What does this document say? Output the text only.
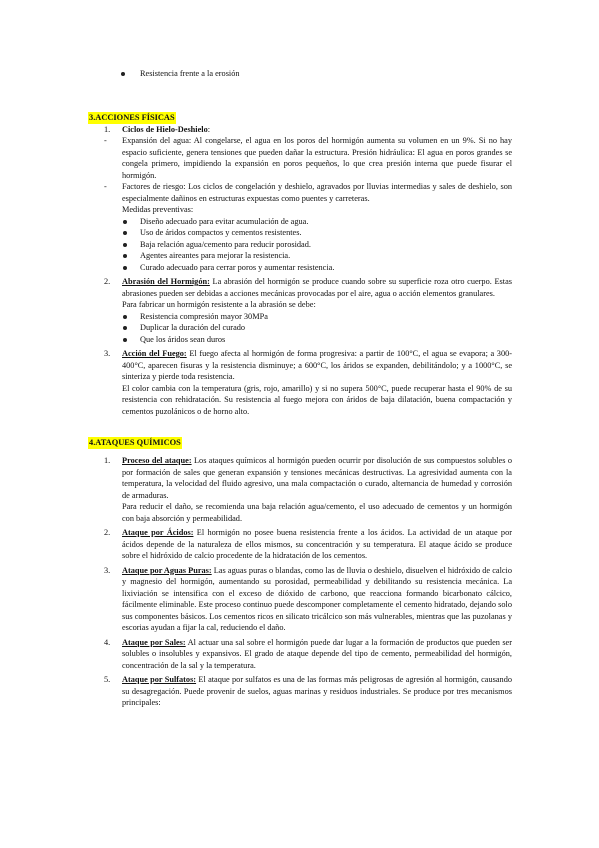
Resistencia frente a la erosión
3.ACCIONES FÍSICAS
1. Ciclos de Hielo-Deshielo:
- Expansión del agua: Al congelarse, el agua en los poros del hormigón aumenta su volumen en un 9%. Si no hay espacio suficiente, genera tensiones que pueden dañar la estructura. Presión hidráulica: El agua en poros grandes se congela primero, impidiendo la expansión en poros pequeños, lo que crea presión interna que puede fisurar el hormigón.
- Factores de riesgo: Los ciclos de congelación y deshielo, agravados por lluvias intermedias y sales de deshielo, son especialmente dañinos en estructuras expuestas como puentes y carreteras.
Medidas preventivas:
Diseño adecuado para evitar acumulación de agua.
Uso de áridos compactos y cementos resistentes.
Baja relación agua/cemento para reducir porosidad.
Agentes aireantes para mejorar la resistencia.
Curado adecuado para cerrar poros y aumentar resistencia.
2. Abrasión del Hormigón: La abrasión del hormigón se produce cuando sobre su superficie roza otro cuerpo. Estas abrasiones pueden ser debidas a acciones mecánicas provocadas por el aire, agua o acción elementos granulares.
Para fabricar un hormigón resistente a la abrasión se debe:
Resistencia compresión mayor 30MPa
Duplicar la duración del curado
Que los áridos sean duros
3. Acción del Fuego: El fuego afecta al hormigón de forma progresiva: a partir de 100°C, el agua se evapora; a 300-400°C, aparecen fisuras y la resistencia disminuye; a 600°C, los áridos se expanden, debilitándolo; y a 1000°C, se sinteriza y pierde toda resistencia.
El color cambia con la temperatura (gris, rojo, amarillo) y si no supera 500°C, puede recuperar hasta el 90% de su resistencia con rehidratación. Su resistencia al fuego mejora con áridos de baja dilatación, buena compactación y cementos puzolánicos o de horno alto.
4.ATAQUES QUÍMICOS
1. Proceso del ataque: Los ataques químicos al hormigón pueden ocurrir por disolución de sus compuestos solubles o por formación de sales que generan expansión y tensiones mecánicas destructivas. La agresividad aumenta con la temperatura, la velocidad del fluido agresivo, una mala compactación o curado, alternancia de humedad y corrosión de armaduras.
Para reducir el daño, se recomienda una baja relación agua/cemento, el uso adecuado de cementos y un hormigón con baja absorción y permeabilidad.
2. Ataque por Ácidos: El hormigón no posee buena resistencia frente a los ácidos. La actividad de un ataque por ácidos depende de la naturaleza de ellos mismos, su concentración y su temperatura. El ataque ácido se produce sobre el hidróxido de calcio procedente de la hidratación de los cementos.
3. Ataque por Aguas Puras: Las aguas puras o blandas, como las de lluvia o deshielo, disuelven el hidróxido de calcio y magnesio del hormigón, aumentando su porosidad, permeabilidad y debilitando su resistencia mecánica. La lixiviación se intensifica con el exceso de dióxido de carbono, que reacciona formando bicarbonato cálcico, fácilmente eliminable. Este proceso continuo puede descomponer completamente el cemento hidratado, dejando solo sus componentes básicos. Los cementos ricos en silicato tricálcico son más vulnerables, mientras que las puzolanas y escorias ayudan a fijar la cal, reduciendo el daño.
4. Ataque por Sales: Al actuar una sal sobre el hormigón puede dar lugar a la formación de productos que pueden ser solubles o insolubles y expansivos. El grado de ataque depende del tipo de cemento, permeabilidad del hormigón, concentración de la sal y la temperatura.
5. Ataque por Sulfatos: El ataque por sulfatos es una de las formas más peligrosas de agresión al hormigón, causando su desagregación. Puede provenir de suelos, aguas marinas y residuos industriales. Se produce por tres mecanismos principales:
